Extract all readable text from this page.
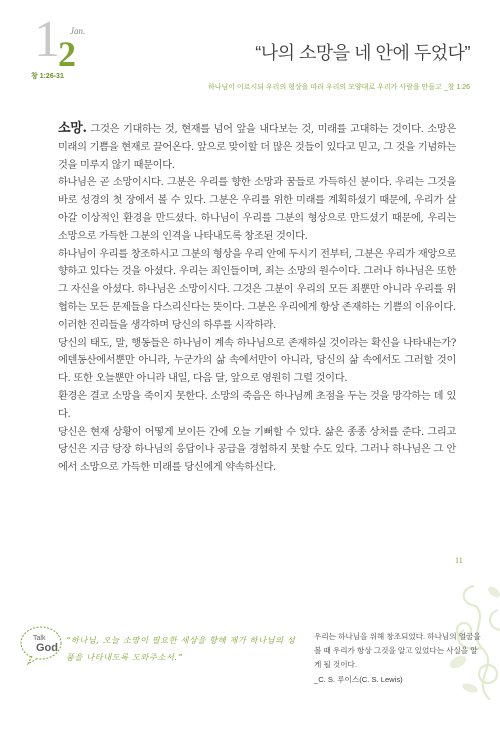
1 Jan.
2
창 1:26-31
“나의 소망을 네 안에 두었다”
하나님이 이르시되 우리의 형상을 따라 우리의 모양대로 우리가 사람을 만들고 _창 1:26

소망. 그것은 기대하는 것, 현재를 넘어 앞을 내다보는 것, 미래를 고대하는 것이다. 소망은 미래의 기쁨을 현재로 끌어온다. 앞으로 맞이할 더 많은 것들이 있다고 믿고, 그 것을 기념하는 것을 미루지 않기 때문이다.

하나님은 곧 소망이시다. 그분은 우리를 향한 소망과 꿈들로 가득하신 분이다. 우리는 그것을 바로 성경의 첫 장에서 볼 수 있다. 그분은 우리를 위한 미래를 계획하셨기 때문에, 우리가 살아갈 이상적인 환경을 만드셨다. 하나님이 우리를 그분의 형상으로 만드셨기 때문에, 우리는 소망으로 가득한 그분의 인격을 나타내도록 창조된 것이다.

하나님이 우리를 창조하시고 그분의 형상을 우리 안에 두시기 전부터, 그분은 우리가 재앙으로 향하고 있다는 것을 아셨다. 우리는 죄인들이며, 죄는 소망의 원수이다. 그러나 하나님은 또한 그 자신을 아셨다. 하나님은 소망이시다. 그것은 그분이 우리의 모든 죄뿐만 아니라 우리를 위협하는 모든 문제들을 다스리신다는 뜻이다. 그분은 우리에게 항상 존재하는 기쁨의 이유이다.

이러한 진리들을 생각하며 당신의 하루를 시작하라.

당신의 태도, 말, 행동들은 하나님이 계속 하나님으로 존재하실 것이라는 확신을 나타내는가? 에덴동산에서뿐만 아니라, 누군가의 삶 속에서만이 아니라, 당신의 삶 속에서도 그러할 것이다. 또한 오늘뿐만 아니라 내일, 다음 달, 앞으로 영원히 그럴 것이다.

환경은 결코 소망을 죽이지 못한다. 소망의 죽음은 하나님께 초점을 두는 것을 망각하는 데 있다.

당신은 현재 상황이 어떻게 보이든 간에 오늘 기뻐할 수 있다. 삶은 종종 상처를 준다. 그리고 당신은 지금 당장 하나님의 응답이나 공급을 경험하지 못할 수도 있다. 그러나 하나님은 그 안에서 소망으로 가득한 미래를 당신에게 약속하신다.

11
Talk
God
“하나님, 오늘 소망이 필요한 세상을 향해 제가 하나님의 성품을 나타내도록 도와주소서.”
우리는 하나님을 위해 창조되었다. 하나님의 얼굴을 볼 때 우리가 항상 그것을 알고 있었다는 사실을 알게 될 것이다.
_C. S. 루이스(C. S. Lewis)
